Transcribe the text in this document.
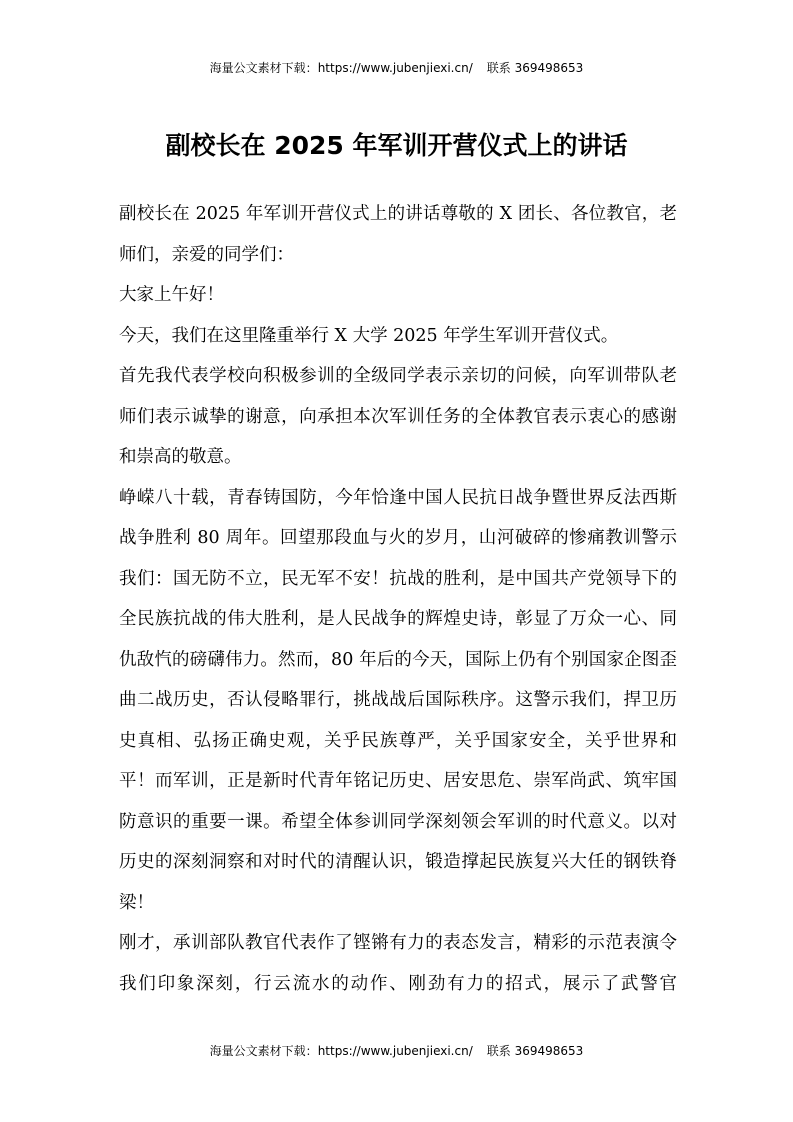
海量公文素材下载：https://www.jubenjiexi.cn/ 联系 369498653
副校长在 2025 年军训开营仪式上的讲话

副校长在 2025 年军训开营仪式上的讲话尊敬的 X 团长、各位教官，老师们，亲爱的同学们：

大家上午好！

今天，我们在这里隆重举行 X 大学 2025 年学生军训开营仪式。

首先我代表学校向积极参训的全级同学表示亲切的问候，向军训带队老师们表示诚挚的谢意，向承担本次军训任务的全体教官表示衷心的感谢和崇高的敬意。

峥嵘八十载，青春铸国防，今年恰逢中国人民抗日战争暨世界反法西斯战争胜利 80 周年。回望那段血与火的岁月，山河破碎的惨痛教训警示我们：国无防不立，民无军不安！抗战的胜利，是中国共产党领导下的全民族抗战的伟大胜利，是人民战争的辉煌史诗，彰显了万众一心、同仇敌忾的磅礴伟力。然而，80 年后的今天，国际上仍有个别国家企图歪曲二战历史，否认侵略罪行，挑战战后国际秩序。这警示我们，捍卫历史真相、弘扬正确史观，关乎民族尊严，关乎国家安全，关乎世界和平！而军训，正是新时代青年铭记历史、居安思危、崇军尚武、筑牢国防意识的重要一课。希望全体参训同学深刻领会军训的时代意义。以对历史的深刻洞察和对时代的清醒认识，锻造撑起民族复兴大任的钢铁脊梁！

刚才，承训部队教官代表作了铿锵有力的表态发言，精彩的示范表演令我们印象深刻，行云流水的动作、刚劲有力的招式，展示了武警官

海量公文素材下载：https://www.jubenjiexi.cn/ 联系 369498653
